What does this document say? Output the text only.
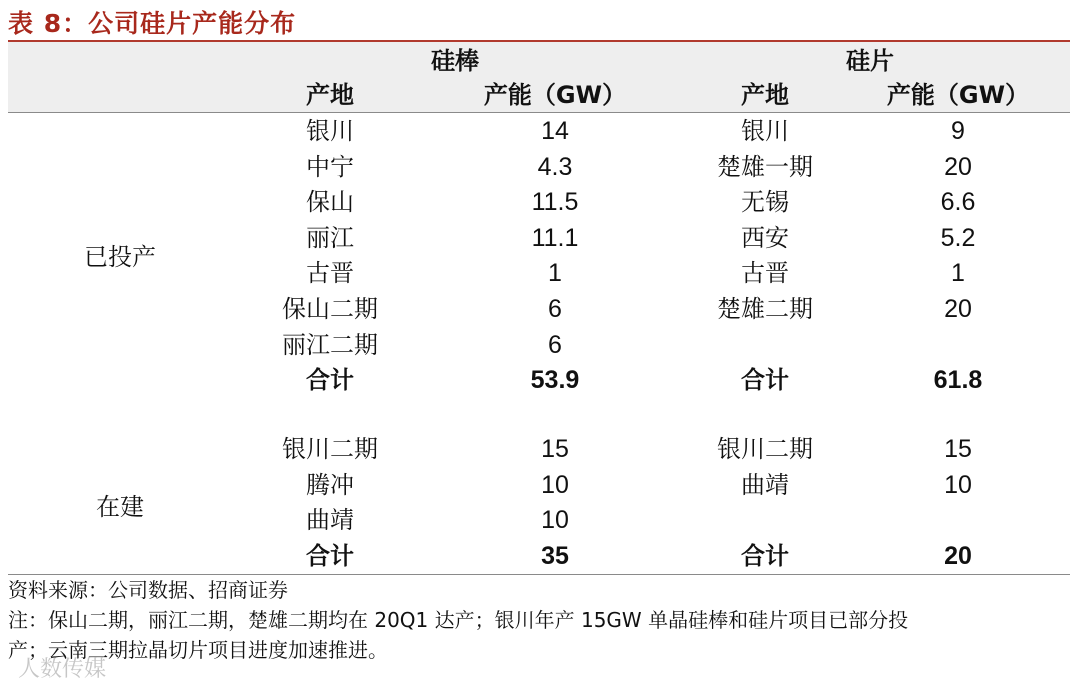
表 8：公司硅片产能分布
硅棒	硅片
产地	产能（GW）	产地	产能（GW）
已投产
在建
银川	14	银川	9
中宁	4.3	楚雄一期	20
保山	11.5	无锡	6.6
丽江	11.1	西安	5.2
古晋	1	古晋	1
保山二期	6	楚雄二期	20
丽江二期	6
合计	53.9	合计	61.8
银川二期	15	银川二期	15
腾冲	10	曲靖	10
曲靖	10
合计	35	合计	20
资料来源：公司数据、招商证券
注：保山二期，丽江二期，楚雄二期均在 20Q1 达产；银川年产 15GW 单晶硅棒和硅片项目已部分投
产；云南三期拉晶切片项目进度加速推进。
人数传媒
